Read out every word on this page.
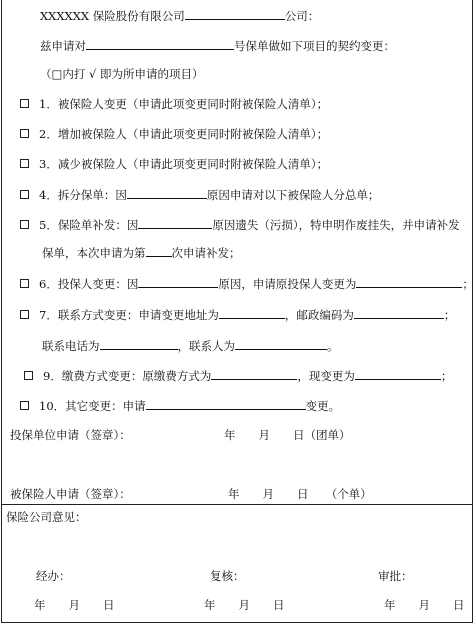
XXXXXX 保险股份有限公司	公司：
兹申请对	号保单做如下项目的契约变更：
（□内打 √ 即为所申请的项目）
1．被保险人变更（申请此项变更同时附被保险人清单）；
2．增加被保险人（申请此项变更同时附被保险人清单）；
3．减少被保险人（申请此项变更同时附被保险人清单）；
4．拆分保单：因	原因申请对以下被保险人分总单；
5．保险单补发：因	原因遗失（污损），特申明作废挂失，并申请补发
保单，本次申请为第 次申请补发；
6．投保人变更：因	原因，申请原投保人变更为	；
7．联系方式变更：申请变更地址为	，邮政编码为	；
联系电话为	，联系人为	。
9．缴费方式变更：原缴费方式为	，现变更为	；
10．其它变更：申请	变更。
投保单位申请（签章）：	年　　月　　日（团单）
被保险人申请（签章）：	年　　月　　日　　（个单）
保险公司意见：
经办：	复核：	审批：
年　　月　　日	年　　月　　日	年　　月　　日
